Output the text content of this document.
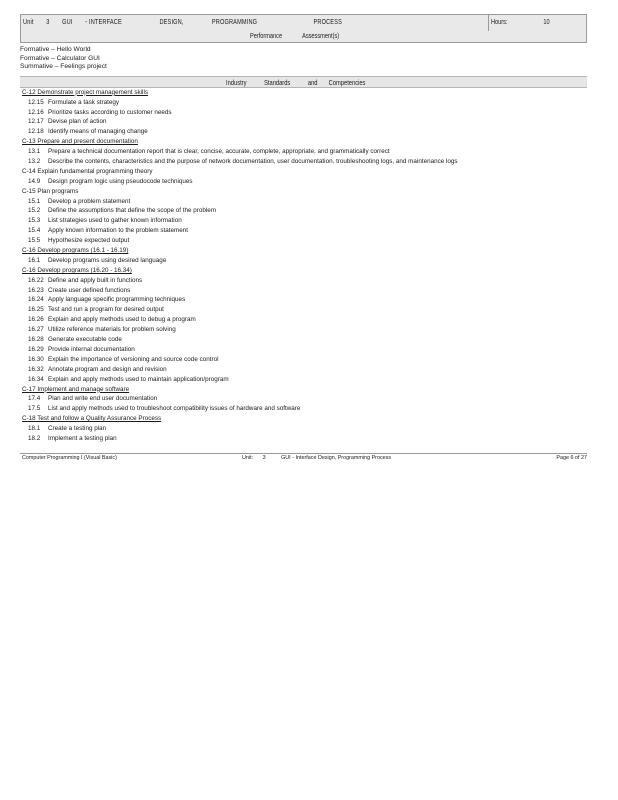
Unit 3 GUI - INTERFACE	DESIGN,	PROGRAMMING	PROCESS
Performance	Assessment(s)
Hours:	10
Formative – Hello World
Formative – Calculator GUI
Summative – Feelings project
Industry Standards and Competencies
C-12 Demonstrate project management skills
12.15 Formulate a task strategy
12.16 Prioritize tasks according to customer needs
12.17 Devise plan of action
12.18 Identify means of managing change
C-13 Prepare and present documentation
13.1 Prepare a technical documentation report that is clear, concise, accurate, complete, appropriate, and grammatically correct
13.2 Describe the contents, characteristics and the purpose of network documentation, user documentation, troubleshooting logs, and maintenance logs
C-14 Explain fundamental programming theory
14.9 Design program logic using pseudocode techniques
C-15 Plan programs
15.1 Develop a problem statement
15.2 Define the assumptions that define the scope of the problem
15.3 List strategies used to gather known information
15.4 Apply known information to the problem statement
15.5 Hypothesize expected output
C-16 Develop programs (16.1 - 16.19)
16.1 Develop programs using desired language
C-16 Develop programs (16.20 - 16.34)
16.22 Define and apply built in functions
16.23 Create user defined functions
16.24 Apply language specific programming techniques
16.25 Test and run a program for desired output
16.26 Explain and apply methods used to debug a program
16.27 Utilize reference materials for problem solving
16.28 Generate executable code
16.29 Provide internal documentation
16.30 Explain the importance of versioning and source code control
16.32 Annotate program and design and revision
16.34 Explain and apply methods used to maintain application/program
C-17 Implement and manage software
17.4 Plan and write end user documentation
17.5 List and apply methods used to troubleshoot compatibility issues of hardware and software
C-18 Test and follow a Quality Assurance Process
18.1 Create a testing plan
18.2 Implement a testing plan
Computer Programming I (Visual Basic)	Unit: 3	GUI - Interface Design, Programming Process	Page 6 of 27
